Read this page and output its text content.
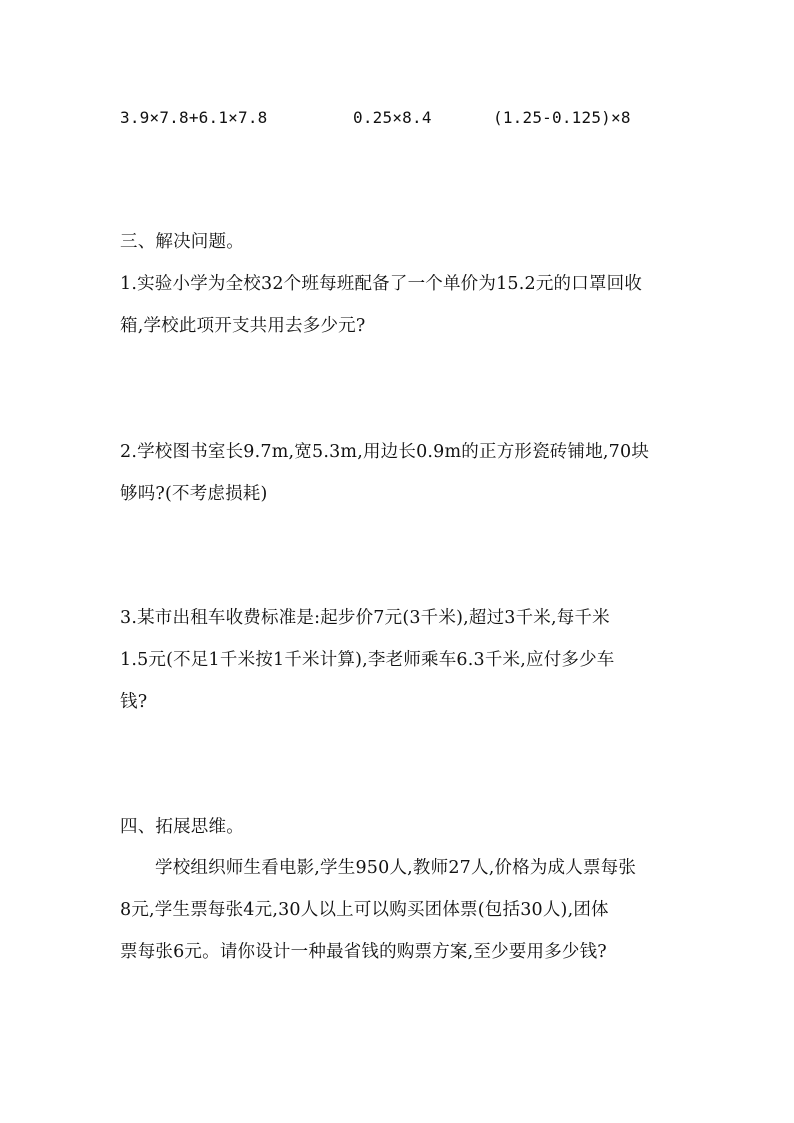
3.9×7.8+6.1×7.8	0.25×8.4	(1.25-0.125)×8
三、解决问题。
1.实验小学为全校32个班每班配备了一个单价为15.2元的口罩回收
箱,学校此项开支共用去多少元?
2.学校图书室长9.7m,宽5.3m,用边长0.9m的正方形瓷砖铺地,70块
够吗?(不考虑损耗)
3.某市出租车收费标准是:起步价7元(3千米),超过3千米,每千米
1.5元(不足1千米按1千米计算),李老师乘车6.3千米,应付多少车
钱?
四、拓展思维。
学校组织师生看电影,学生950人,教师27人,价格为成人票每张
8元,学生票每张4元,30人以上可以购买团体票(包括30人),团体
票每张6元。请你设计一种最省钱的购票方案,至少要用多少钱?
